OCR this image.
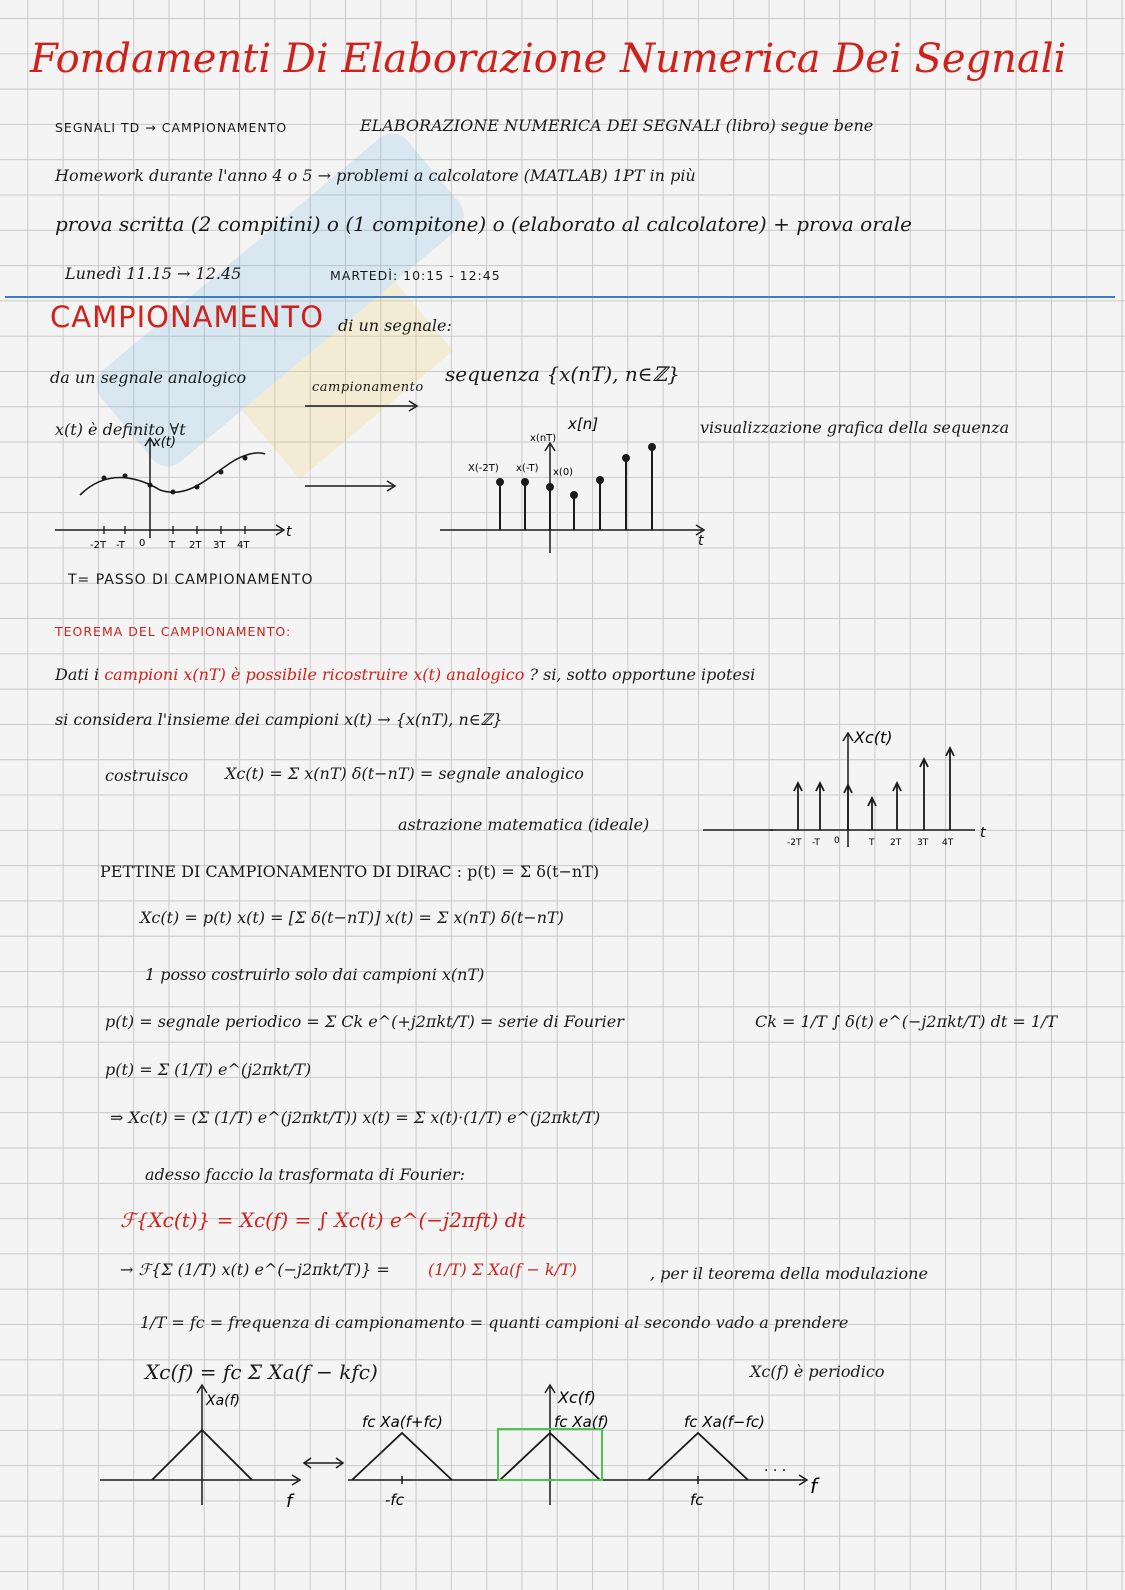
Fondamenti Di Elaborazione Numerica Dei Segnali
SEGNALI TD → CAMPIONAMENTO	ELABORAZIONE NUMERICA DEI SEGNALI (libro) segue bene
Homework durante l'anno 4 o 5 → problemi a calcolatore (MATLAB) 1PT in più
prova scritta (2 compitini) o (1 compitone) o (elaborato al calcolatore) + prova orale
Lunedì 11.15 → 12.45	MARTEDÌ: 10:15 - 12:45
CAMPIONAMENTO di un segnale:
da un segnale analogico
campionamento
sequenza {x(nT), n∈ℤ}
x(t) è definito ∀t	visualizzazione grafica della sequenza
x(t)
t
-2T -T 0 T 2T 3T 4T
x[n]
x(nT)
t
X(-2T) x(-T) x(0)
T= PASSO DI CAMPIONAMENTO
TEOREMA DEL CAMPIONAMENTO:
Dati i campioni x(nT) è possibile ricostruire x(t) analogico ? si, sotto opportune ipotesi
si considera l'insieme dei campioni x(t) → {x(nT), n∈ℤ}
costruisco Xc(t) = Σ x(nT) δ(t−nT) = segnale analogico
astrazione matematica (ideale)
Xc(t)
t
-2T -T 0	T 2T 3T 4T
PETTINE DI CAMPIONAMENTO DI DIRAC : p(t) = Σ δ(t−nT)
Xc(t) = p(t) x(t) = [Σ δ(t−nT)] x(t) = Σ x(nT) δ(t−nT)
1 posso costruirlo solo dai campioni x(nT)
p(t) = segnale periodico = Σ Ck e^(+j2πkt/T) = serie di Fourier	Ck = 1/T ∫ δ(t) e^(−j2πkt/T) dt = 1/T
p(t) = Σ (1/T) e^(j2πkt/T)
⇒ Xc(t) = (Σ (1/T) e^(j2πkt/T)) x(t) = Σ x(t)·(1/T) e^(j2πkt/T)
adesso faccio la trasformata di Fourier:
ℱ{Xc(t)} = Xc(f) = ∫ Xc(t) e^(−j2πft) dt
→ ℱ{Σ (1/T) x(t) e^(−j2πkt/T)} = (1/T) Σ Xa(f − k/T)	, per il teorema della modulazione
1/T = fc = frequenza di campionamento = quanti campioni al secondo vado a prendere
Xc(f) = fc Σ Xa(f − kfc)	Xc(f) è periodico
Xa(f)
f
Xc(f)
fc Xa(f+fc)	fc Xa(f)	fc Xa(f−fc)
-fc	fc
. . .
f
